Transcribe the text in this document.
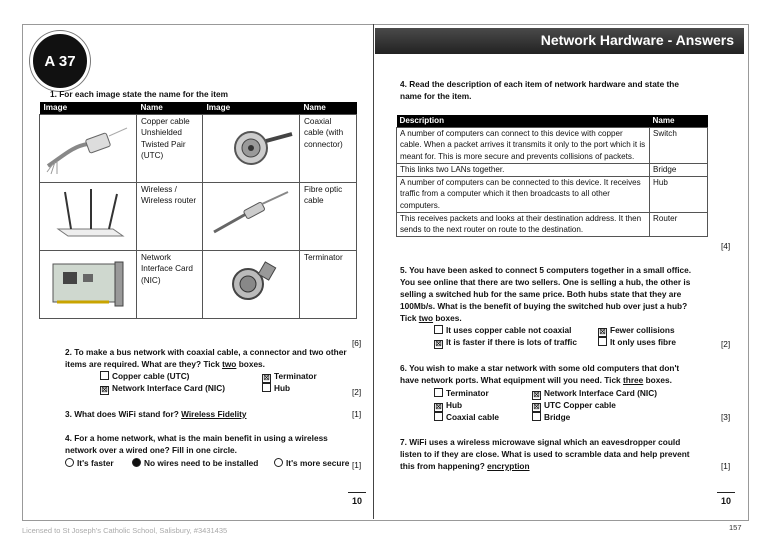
Network Hardware - Answers
A 37
1. For each image state the name for the item
Image	Name	Image	Name
	Copper cable Unshielded Twisted Pair (UTC)		Coaxial cable (with connector)
	Wireless / Wireless router		Fibre optic cable
	Network Interface Card (NIC)		Terminator
[6]
2. To make a bus network with coaxial cable, a connector and two other
items are required. What are they? Tick two boxes.
Copper cable (UTC)	☒ Terminator
☒ Network Interface Card (NIC)	Hub	[2]
3. What does WiFi stand for? Wireless Fidelity	[1]
4. For a home network, what is the main benefit in using a wireless
network over a wired one? Fill in one circle.
It's faster	No wires need to be installed	It's more secure [1]
10
4. Read the description of each item of network hardware and state the
name for the item.
Description	Name
A number of computers can connect to this device with copper cable. When a packet arrives it transmits it only to the port which it is meant for. This is more secure and prevents collisions of packets.	Switch
This links two LANs together.	Bridge
A number of computers can be connected to this device. It receives traffic from a computer which it then broadcasts to all other computers.	Hub
This receives packets and looks at their destination address. It then sends to the next router on route to the destination.	Router
[4]
5. You have been asked to connect 5 computers together in a small office.
You see online that there are two sellers. One is selling a hub, the other is
selling a switched hub for the same price. Both hubs state that they are
100Mb/s. What is the benefit of buying the switched hub over just a hub?
Tick two boxes.
It uses copper cable not coaxial	☒ Fewer collisions
☒ It is faster if there is lots of traffic	It only uses fibre	[2]
6. You wish to make a star network with some old computers that don't
have network ports. What equipment will you need. Tick three boxes.
Terminator	☒ Network Interface Card (NIC)
☒ Hub	☒ UTC Copper cable
Coaxial cable	Bridge	[3]
7. WiFi uses a wireless microwave signal which an eavesdropper could
listen to if they are close. What is used to scramble data and help prevent
this from happening? encryption	[1]
10
Licensed to St Joseph's Catholic School, Salisbury, #3431435	157
